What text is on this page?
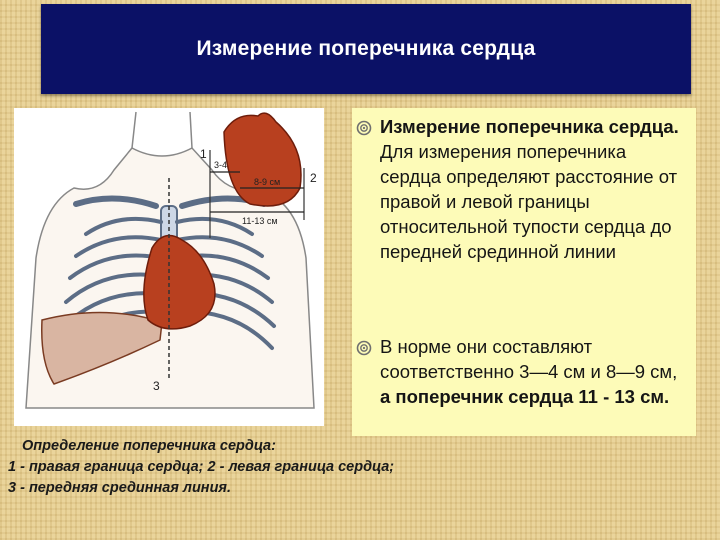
Измерение поперечника сердца
1
2
3
3-4
8-9 см
11-13 см
Измерение поперечника сердца. Для измерения поперечника сердца определяют расстояние от правой и левой границы относительной тупости сердца до передней срединной линии
В норме они составляют соответственно 3—4 см и 8—9 см, а поперечник сердца 11 - 13 см.
Определение поперечника сердца:
1 - правая граница сердца; 2 - левая граница сердца;
3 - передняя срединная линия.
